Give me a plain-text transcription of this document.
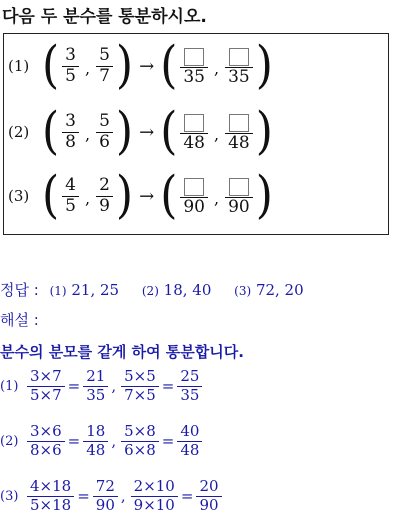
다음 두 분수를 통분하시오.
(1) ( $\frac{3}{5}$ , $\frac{5}{7}$ ) → ( 35 , 35 )
(2) ( $\frac{3}{8}$ , $\frac{5}{6}$ ) → ( 48 , 48 )
(3) ( $\frac{4}{5}$ , $\frac{2}{9}$ ) → ( 90 , 90 )
정답 : (1) 21, 25 (2) 18, 40 (3) 72, 20
해설 :
분수의 분모를 같게 하여 통분합니다.
$(1) \frac{3\times 7}{5\times 7} = \frac{21}{35}$ , $\frac{5\times 5}{7\times 5} = \frac{25}{35}$
$(2) \frac{3\times 6}{8\times 6} = \frac{18}{48}$ , $\frac{5\times 8}{6\times 8} = \frac{40}{48}$
$(3) \frac{4\times 18}{5\times 18} = \frac{72}{90}$ , $\frac{2\times 10}{9\times 10} = \frac{20}{90}$
